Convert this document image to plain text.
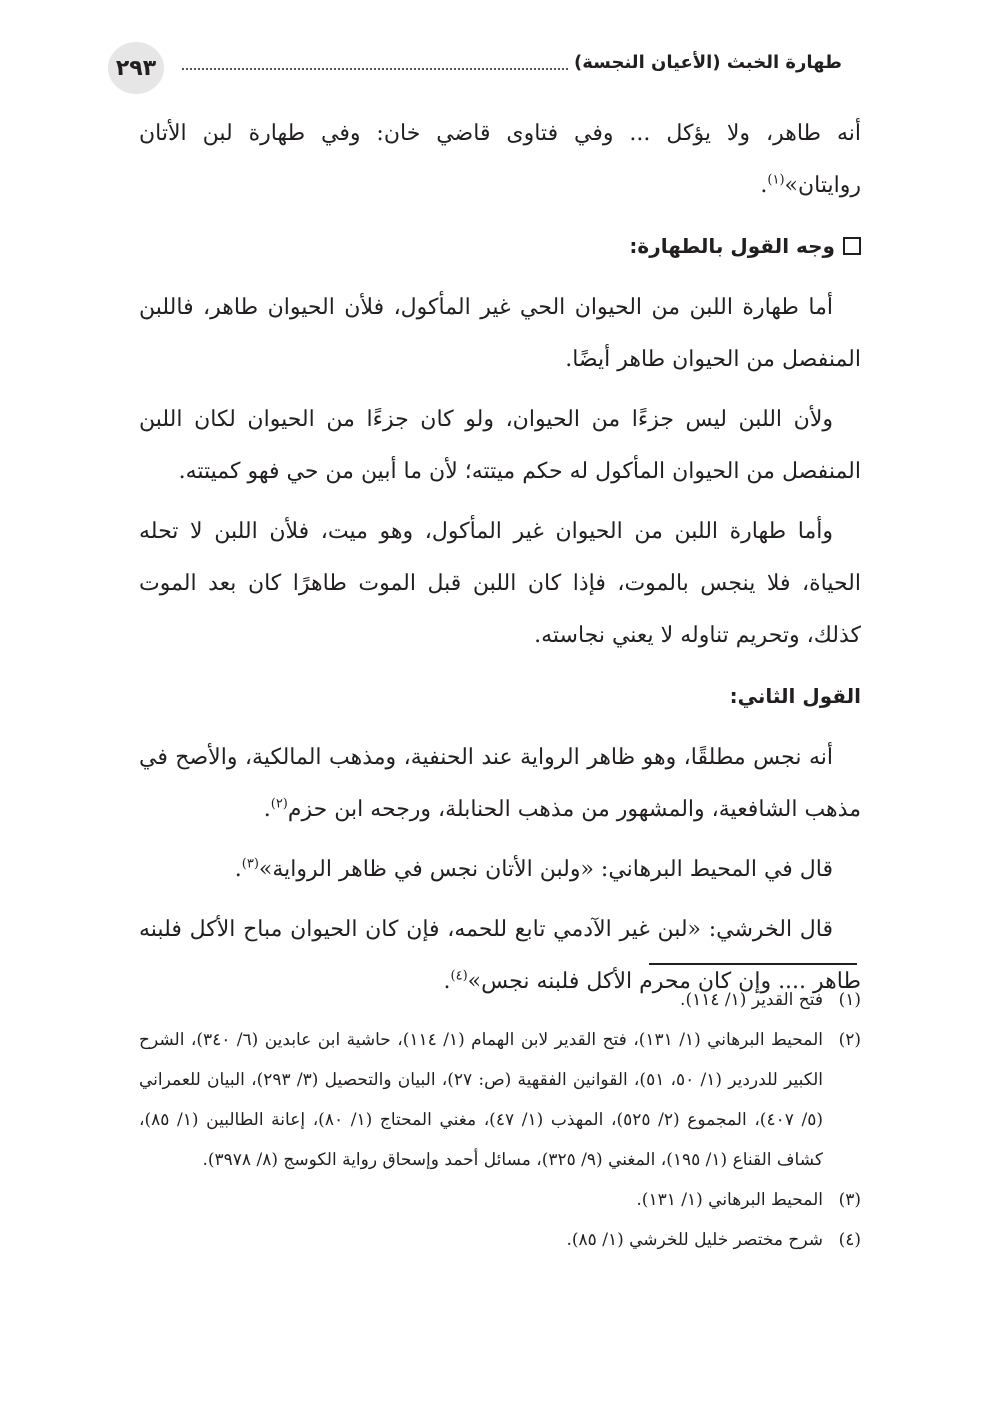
٢٩٣	طهارة الخبث (الأعيان النجسة)

أنه طاهر، ولا يؤكل ... وفي فتاوى قاضي خان: وفي طهارة لبن الأتان روايتان»$^{(١)}$.

وجه القول بالطهارة:

أما طهارة اللبن من الحيوان الحي غير المأكول، فلأن الحيوان طاهر، فاللبن المنفصل من الحيوان طاهر أيضًا.

ولأن اللبن ليس جزءًا من الحيوان، ولو كان جزءًا من الحيوان لكان اللبن المنفصل من الحيوان المأكول له حكم ميتته؛ لأن ما أبين من حي فهو كميتته.

وأما طهارة اللبن من الحيوان غير المأكول، وهو ميت، فلأن اللبن لا تحله الحياة، فلا ينجس بالموت، فإذا كان اللبن قبل الموت طاهرًا كان بعد الموت كذلك، وتحريم تناوله لا يعني نجاسته.

القول الثاني:

أنه نجس مطلقًا، وهو ظاهر الرواية عند الحنفية، ومذهب المالكية، والأصح في مذهب الشافعية، والمشهور من مذهب الحنابلة، ورجحه ابن حزم$^{(٢)}$.

قال في المحيط البرهاني: «ولبن الأتان نجس في ظاهر الرواية»$^{(٣)}$.

قال الخرشي: «لبن غير الآدمي تابع للحمه، فإن كان الحيوان مباح الأكل فلبنه طاهر .... وإن كان محرم الأكل فلبنه نجس»$^{(٤)}$.

(١)
فتح القدير (١/ ١١٤).
(٢)
المحيط البرهاني (١/ ١٣١)، فتح القدير لابن الهمام (١/ ١١٤)، حاشية ابن عابدين (٦/ ٣٤٠)، الشرح الكبير للدردير (١/ ٥٠، ٥١)، القوانين الفقهية (ص: ٢٧)، البيان والتحصيل (٣/ ٢٩٣)، البيان للعمراني (٥/ ٤٠٧)، المجموع (٢/ ٥٢٥)، المهذب (١/ ٤٧)، مغني المحتاج (١/ ٨٠)، إعانة الطالبين (١/ ٨٥)، كشاف القناع (١/ ١٩٥)، المغني (٩/ ٣٢٥)، مسائل أحمد وإسحاق رواية الكوسج (٨/ ٣٩٧٨).
(٣)
المحيط البرهاني (١/ ١٣١).
(٤)
شرح مختصر خليل للخرشي (١/ ٨٥).
